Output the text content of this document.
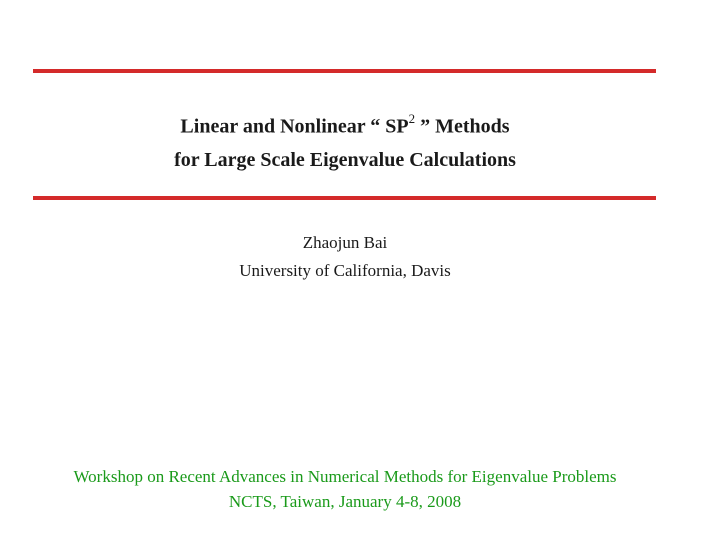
Linear and Nonlinear “ $SP^2$ ” Methods
for Large Scale Eigenvalue Calculations
Zhaojun Bai
University of California, Davis
Workshop on Recent Advances in Numerical Methods for Eigenvalue Problems
NCTS, Taiwan, January 4-8, 2008
